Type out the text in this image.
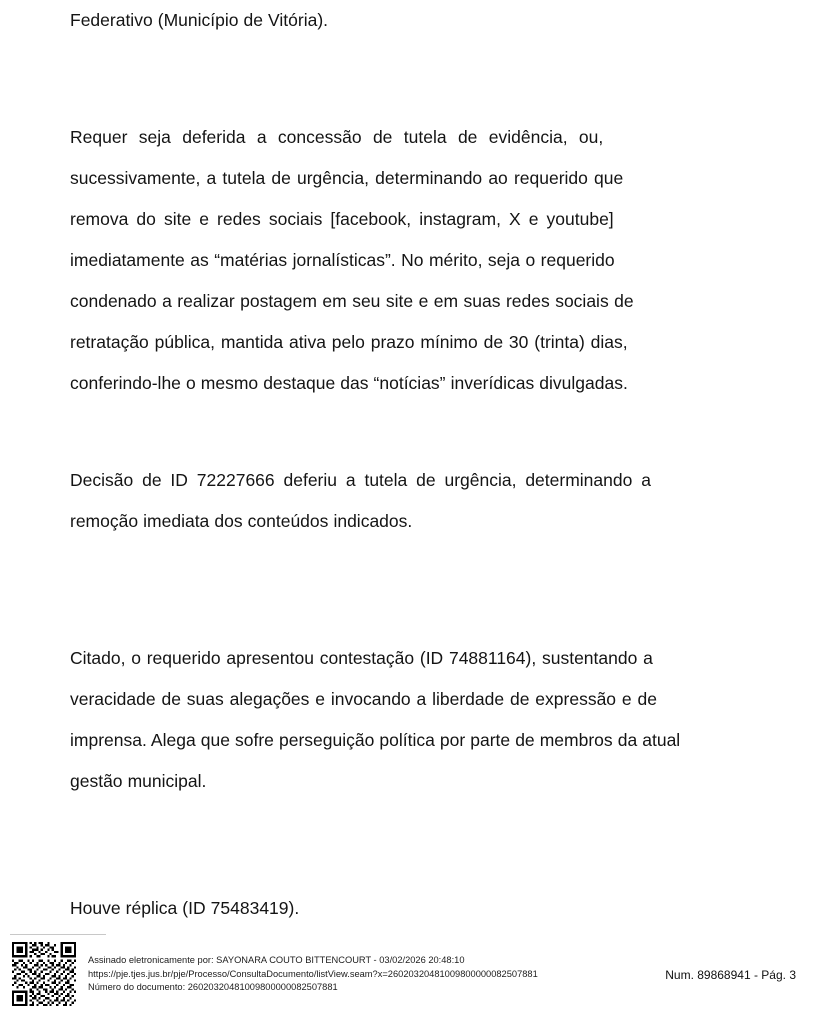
Federativo (Município de Vitória).

Requer seja deferida a concessão de tutela de evidência, ou,
sucessivamente, a tutela de urgência, determinando ao requerido que
remova do site e redes sociais [facebook, instagram, X e youtube]
imediatamente as “matérias jornalísticas”. No mérito, seja o requerido
condenado a realizar postagem em seu site e em suas redes sociais de
retratação pública, mantida ativa pelo prazo mínimo de 30 (trinta) dias,
conferindo-lhe o mesmo destaque das “notícias” inverídicas divulgadas.
Decisão de ID 72227666 deferiu a tutela de urgência, determinando a
remoção imediata dos conteúdos indicados.
Citado, o requerido apresentou contestação (ID 74881164), sustentando a
veracidade de suas alegações e invocando a liberdade de expressão e de
imprensa. Alega que sofre perseguição política por parte de membros da atual
gestão municipal.

Houve réplica (ID 75483419).

Assinado eletronicamente por: SAYONARA COUTO BITTENCOURT - 03/02/2026 20:48:10
https://pje.tjes.jus.br/pje/Processo/ConsultaDocumento/listView.seam?x=26020320481009800000082507881
Número do documento: 26020320481009800000082507881
Num. 89868941 - Pág. 3
